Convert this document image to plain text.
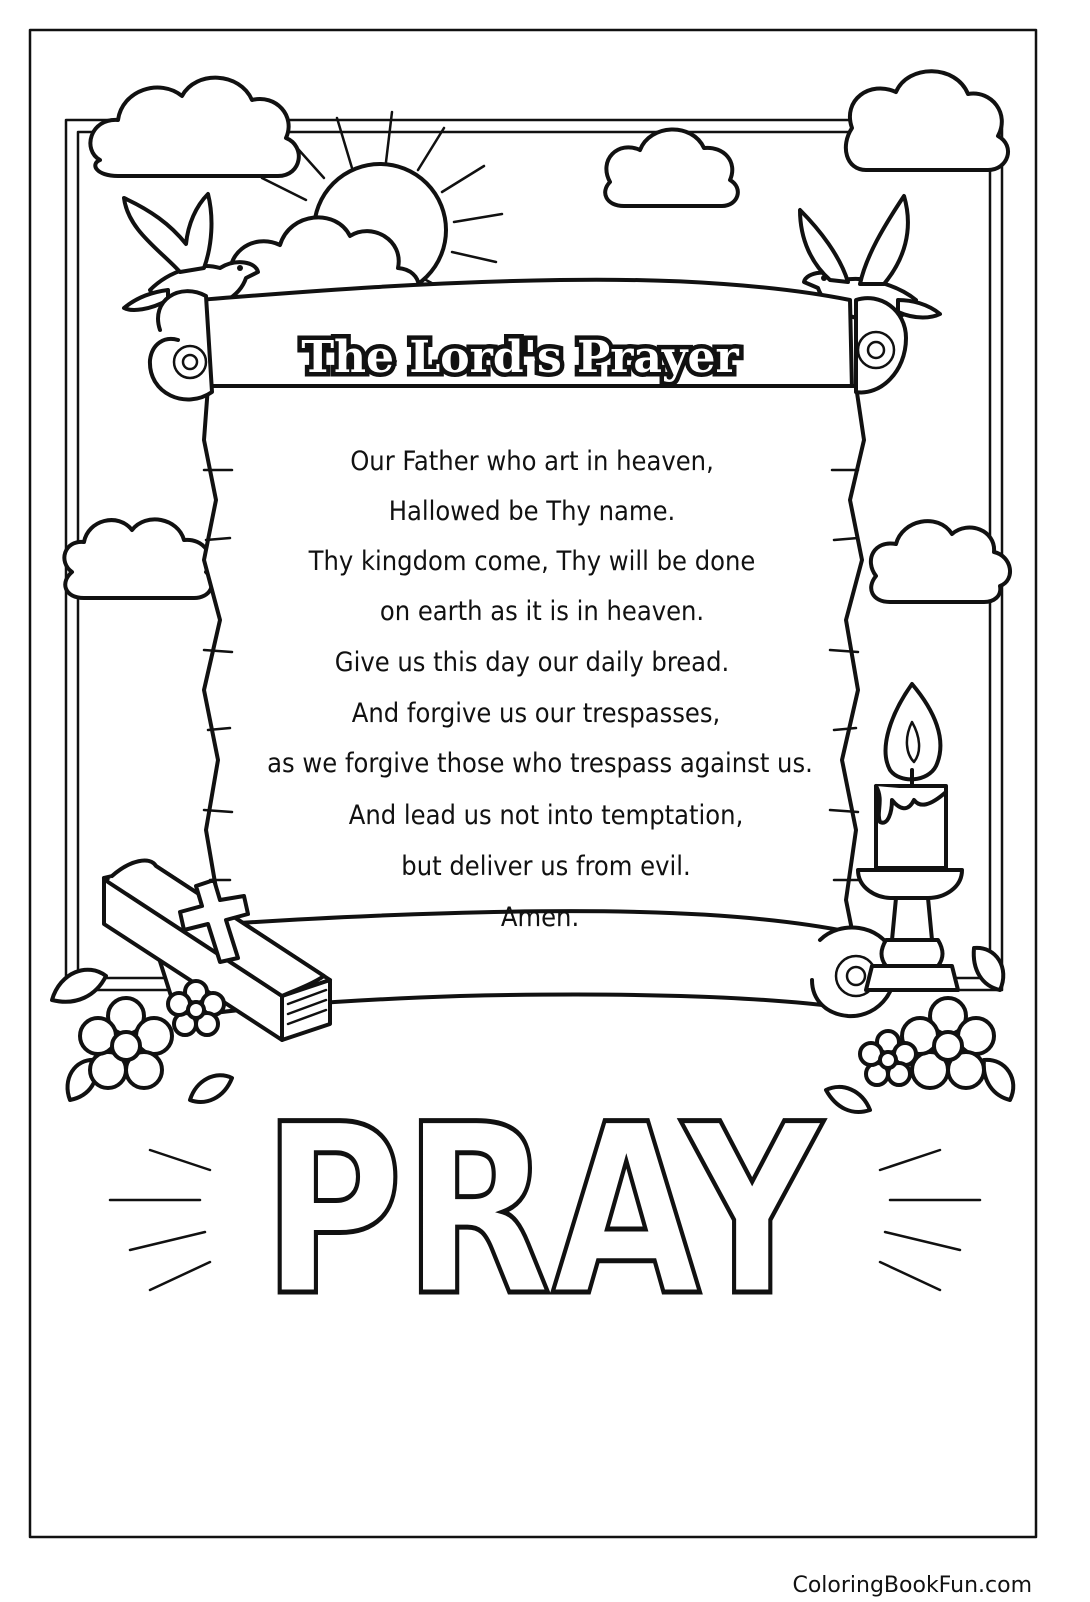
The Lord's Prayer
Our Father who art in heaven,
Hallowed be Thy name.
Thy kingdom come, Thy will be done
on earth as it is in heaven.
Give us this day our daily bread.
And forgive us our trespasses,
as we forgive those who trespass against us.
And lead us not into temptation,
but deliver us from evil.
Amen.
PRAY
ColoringBookFun.com
